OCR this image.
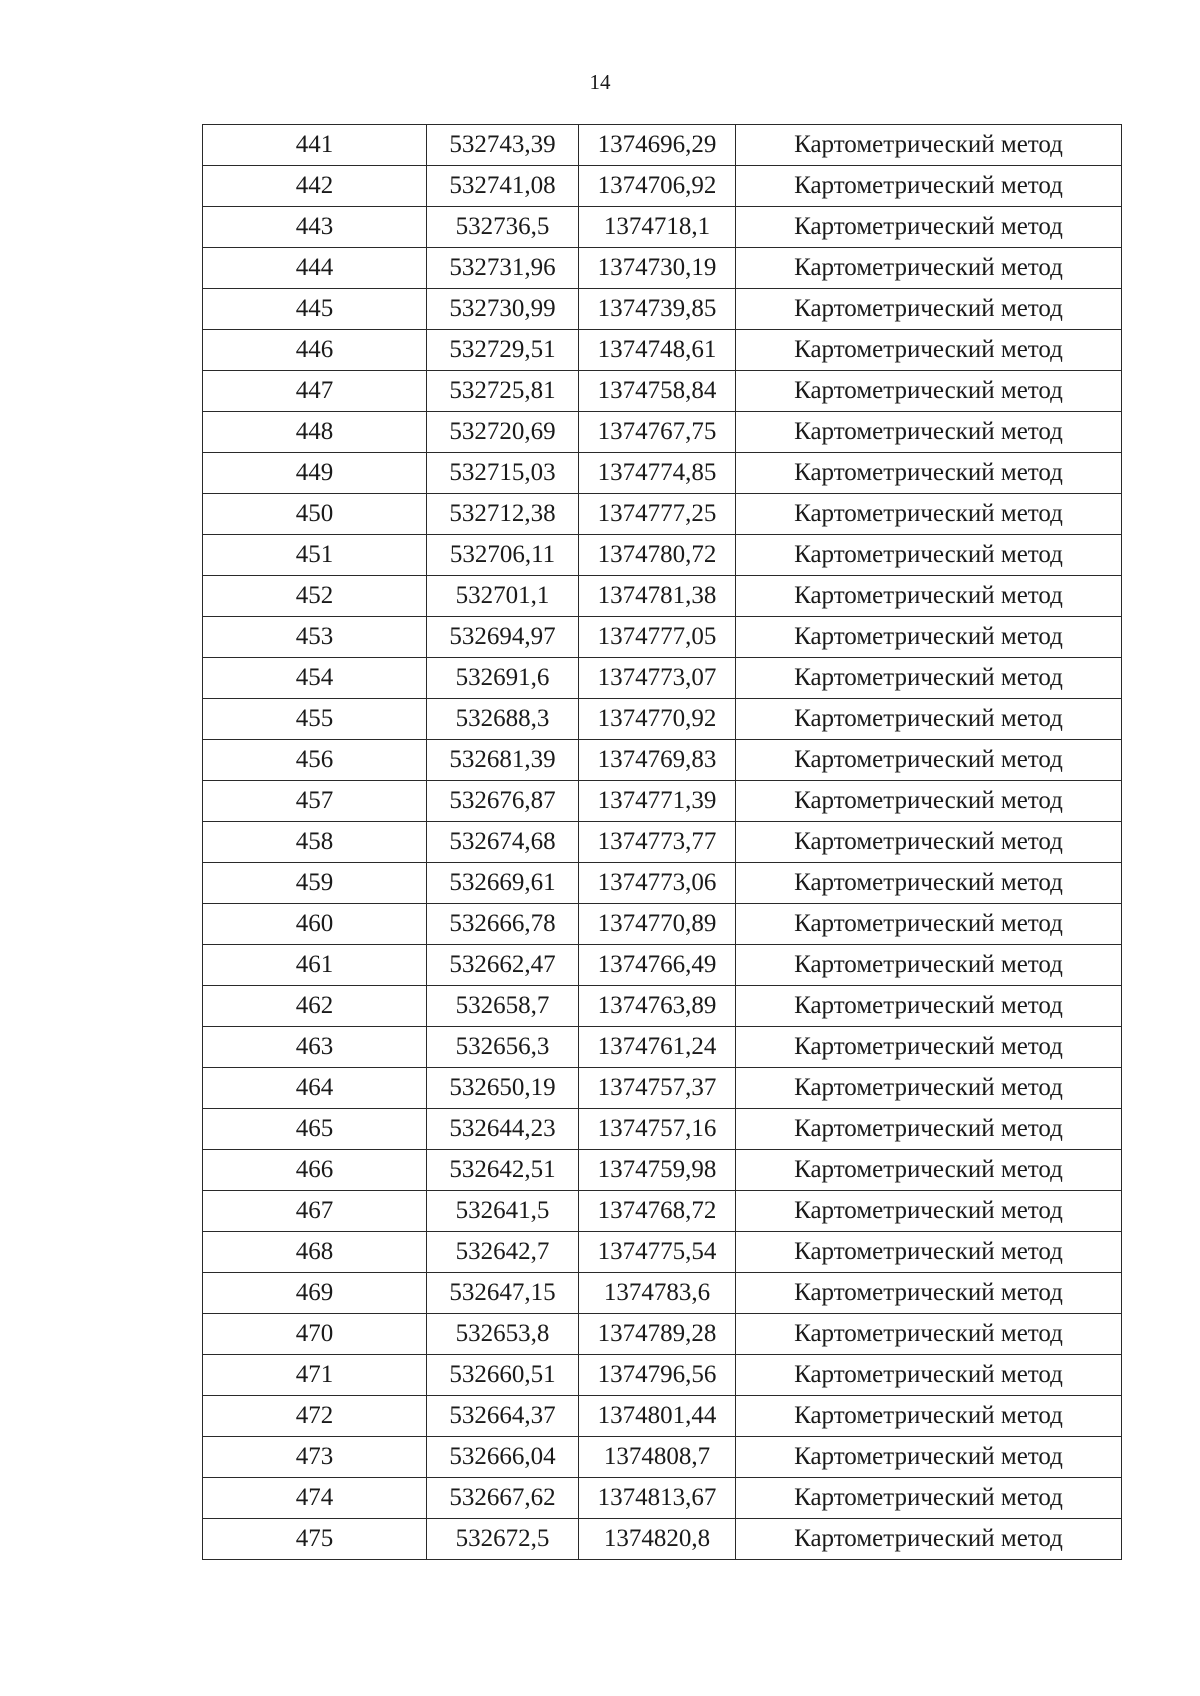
14
441	532743,39	1374696,29	Картометрический метод
442	532741,08	1374706,92	Картометрический метод
443	532736,5	1374718,1	Картометрический метод
444	532731,96	1374730,19	Картометрический метод
445	532730,99	1374739,85	Картометрический метод
446	532729,51	1374748,61	Картометрический метод
447	532725,81	1374758,84	Картометрический метод
448	532720,69	1374767,75	Картометрический метод
449	532715,03	1374774,85	Картометрический метод
450	532712,38	1374777,25	Картометрический метод
451	532706,11	1374780,72	Картометрический метод
452	532701,1	1374781,38	Картометрический метод
453	532694,97	1374777,05	Картометрический метод
454	532691,6	1374773,07	Картометрический метод
455	532688,3	1374770,92	Картометрический метод
456	532681,39	1374769,83	Картометрический метод
457	532676,87	1374771,39	Картометрический метод
458	532674,68	1374773,77	Картометрический метод
459	532669,61	1374773,06	Картометрический метод
460	532666,78	1374770,89	Картометрический метод
461	532662,47	1374766,49	Картометрический метод
462	532658,7	1374763,89	Картометрический метод
463	532656,3	1374761,24	Картометрический метод
464	532650,19	1374757,37	Картометрический метод
465	532644,23	1374757,16	Картометрический метод
466	532642,51	1374759,98	Картометрический метод
467	532641,5	1374768,72	Картометрический метод
468	532642,7	1374775,54	Картометрический метод
469	532647,15	1374783,6	Картометрический метод
470	532653,8	1374789,28	Картометрический метод
471	532660,51	1374796,56	Картометрический метод
472	532664,37	1374801,44	Картометрический метод
473	532666,04	1374808,7	Картометрический метод
474	532667,62	1374813,67	Картометрический метод
475	532672,5	1374820,8	Картометрический метод
